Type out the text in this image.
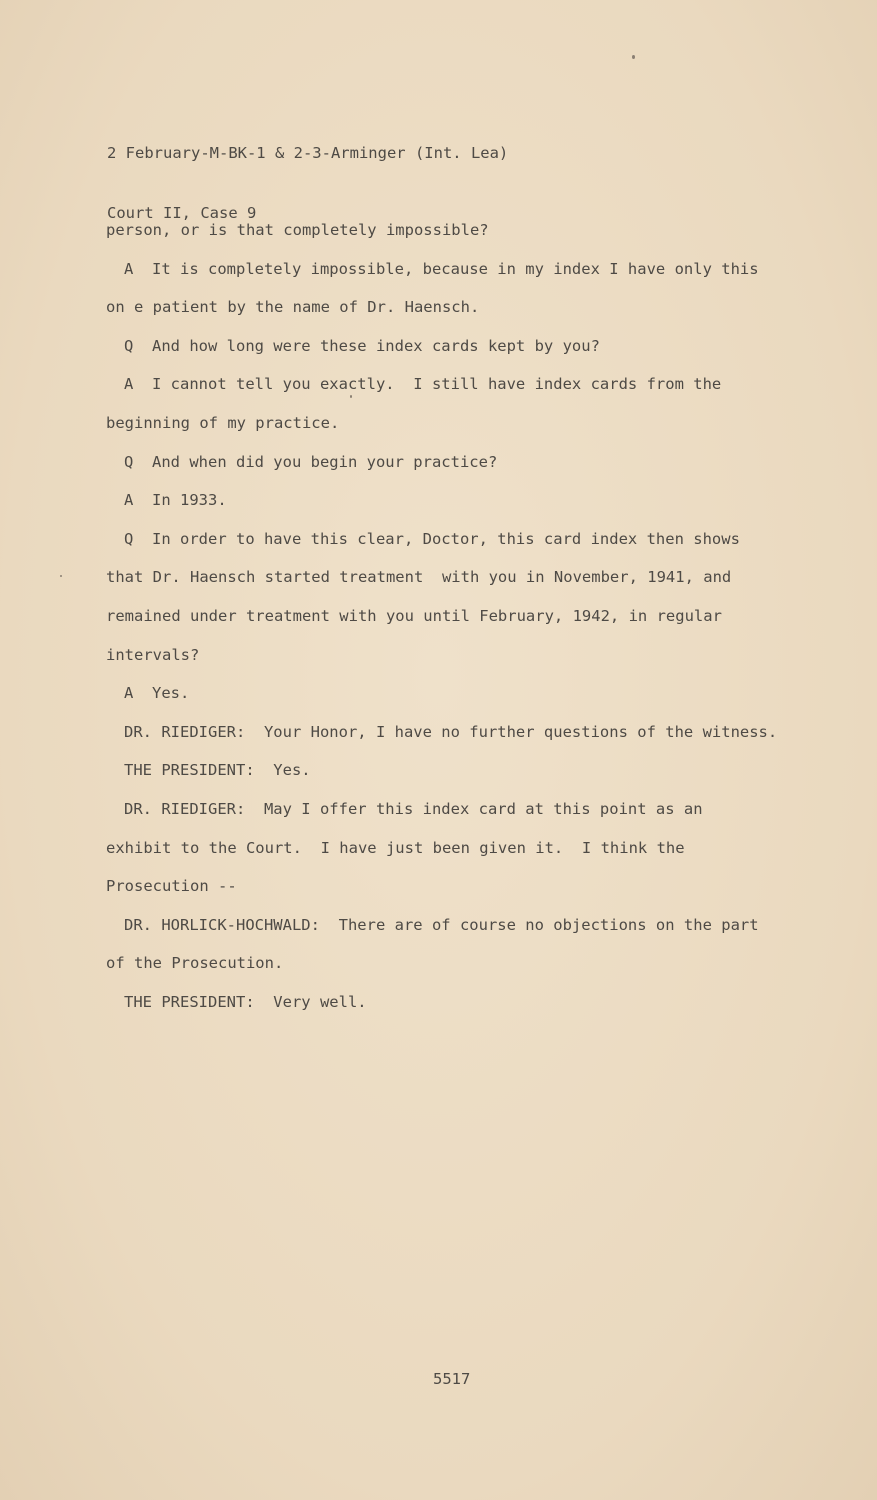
2 February-M-BK-1 & 2-3-Arminger (Int. Lea)

Court II, Case 9

person, or is that completely impossible?
A  It is completely impossible, because in my index I have only this
on e patient by the name of Dr. Haensch.
Q  And how long were these index cards kept by you?
A  I cannot tell you exactly.  I still have index cards from the
beginning of my practice.
Q  And when did you begin your practice?
A  In 1933.
Q  In order to have this clear, Doctor, this card index then shows
that Dr. Haensch started treatment  with you in November, 1941, and
remained under treatment with you until February, 1942, in regular
intervals?
A  Yes.
DR. RIEDIGER:  Your Honor, I have no further questions of the witness.
THE PRESIDENT:  Yes.
DR. RIEDIGER:  May I offer this index card at this point as an
exhibit to the Court.  I have just been given it.  I think the
Prosecution --
DR. HORLICK-HOCHWALD:  There are of course no objections on the part
of the Prosecution.
THE PRESIDENT:  Very well.
5517
